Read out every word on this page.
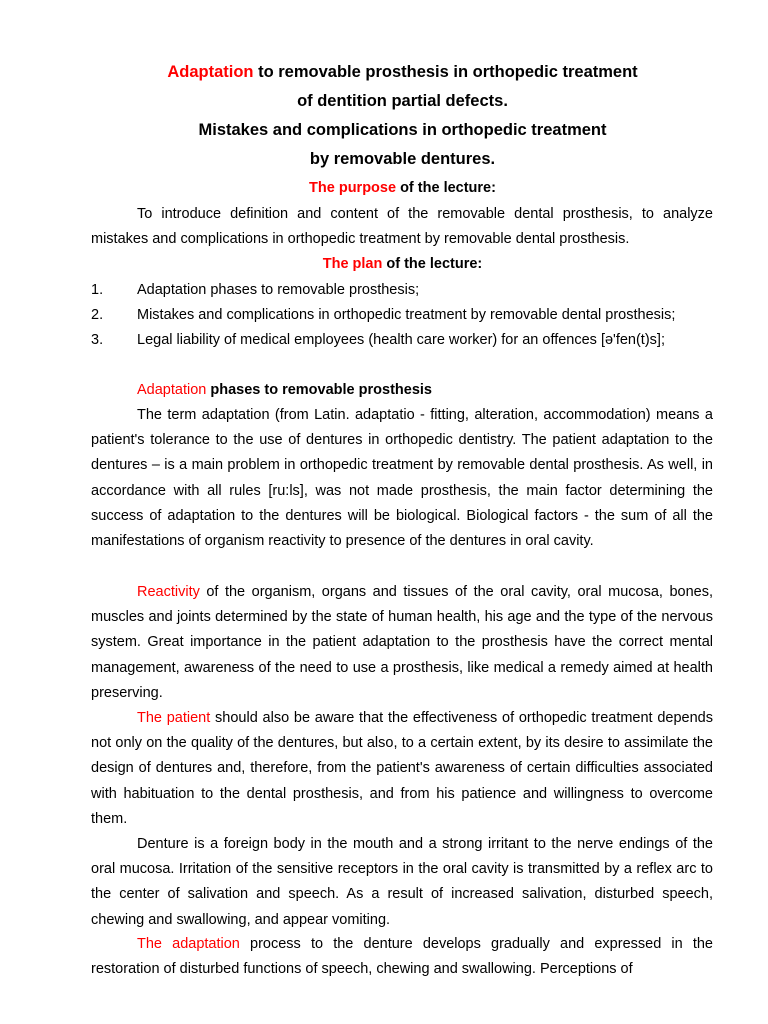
Adaptation to removable prosthesis in orthopedic treatment

of dentition partial defects.

Mistakes and complications in orthopedic treatment

by removable dentures.

The purpose of the lecture:

To introduce definition and content of the removable dental prosthesis, to analyze mistakes and complications in orthopedic treatment by removable dental prosthesis.

The plan of the lecture:

1. Adaptation phases to removable prosthesis;
2. Mistakes and complications in orthopedic treatment by removable dental prosthesis;
3. Legal liability of medical employees (health care worker) for an offences [ə'fen(t)s];

Adaptation phases to removable prosthesis

The term adaptation (from Latin. adaptatio - fitting, alteration, accommodation) means a patient's tolerance to the use of dentures in orthopedic dentistry. The patient adaptation to the dentures – is a main problem in orthopedic treatment by removable dental prosthesis. As well, in accordance with all rules [ru:ls], was not made prosthesis, the main factor determining the success of adaptation to the dentures will be biological. Biological factors - the sum of all the manifestations of organism reactivity to presence of the dentures in oral cavity.

Reactivity of the organism, organs and tissues of the oral cavity, oral mucosa, bones, muscles and joints determined by the state of human health, his age and the type of the nervous system. Great importance in the patient adaptation to the prosthesis have the correct mental management, awareness of the need to use a prosthesis, like medical a remedy aimed at health preserving.

The patient should also be aware that the effectiveness of orthopedic treatment depends not only on the quality of the dentures, but also, to a certain extent, by its desire to assimilate the design of dentures and, therefore, from the patient's awareness of certain difficulties associated with habituation to the dental prosthesis, and from his patience and willingness to overcome them.

Denture is a foreign body in the mouth and a strong irritant to the nerve endings of the oral mucosa. Irritation of the sensitive receptors in the oral cavity is transmitted by a reflex arc to the center of salivation and speech. As a result of increased salivation, disturbed speech, chewing and swallowing, and appear vomiting.

The adaptation process to the denture develops gradually and expressed in the restoration of disturbed functions of speech, chewing and swallowing. Perceptions of
